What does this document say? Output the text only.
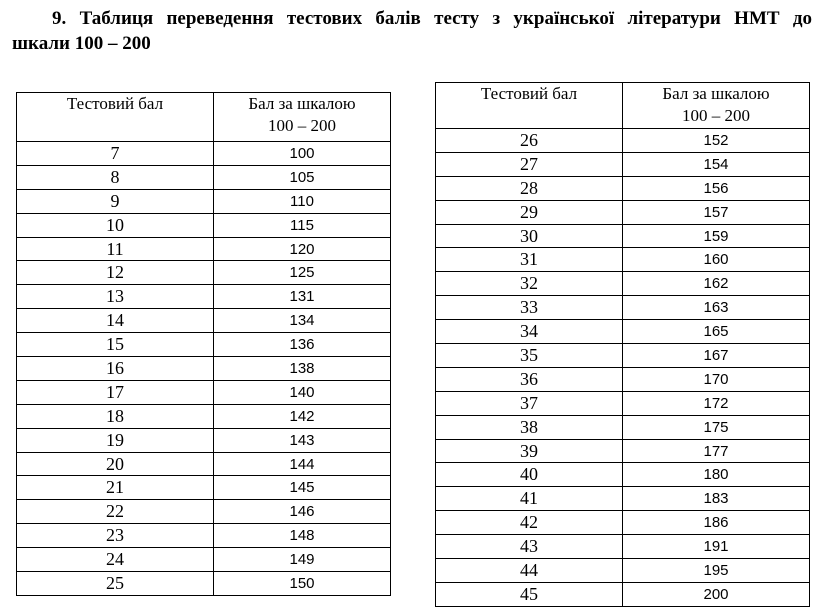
9. Таблиця переведення тестових балів тесту з української літератури НМТ до
шкали 100 – 200
Тестовий бал	Бал за шкалою
100 – 200
7	100
8	105
9	110
10	115
11	120
12	125
13	131
14	134
15	136
16	138
17	140
18	142
19	143
20	144
21	145
22	146
23	148
24	149
25	150
Тестовий бал	Бал за шкалою
100 – 200
26	152
27	154
28	156
29	157
30	159
31	160
32	162
33	163
34	165
35	167
36	170
37	172
38	175
39	177
40	180
41	183
42	186
43	191
44	195
45	200
